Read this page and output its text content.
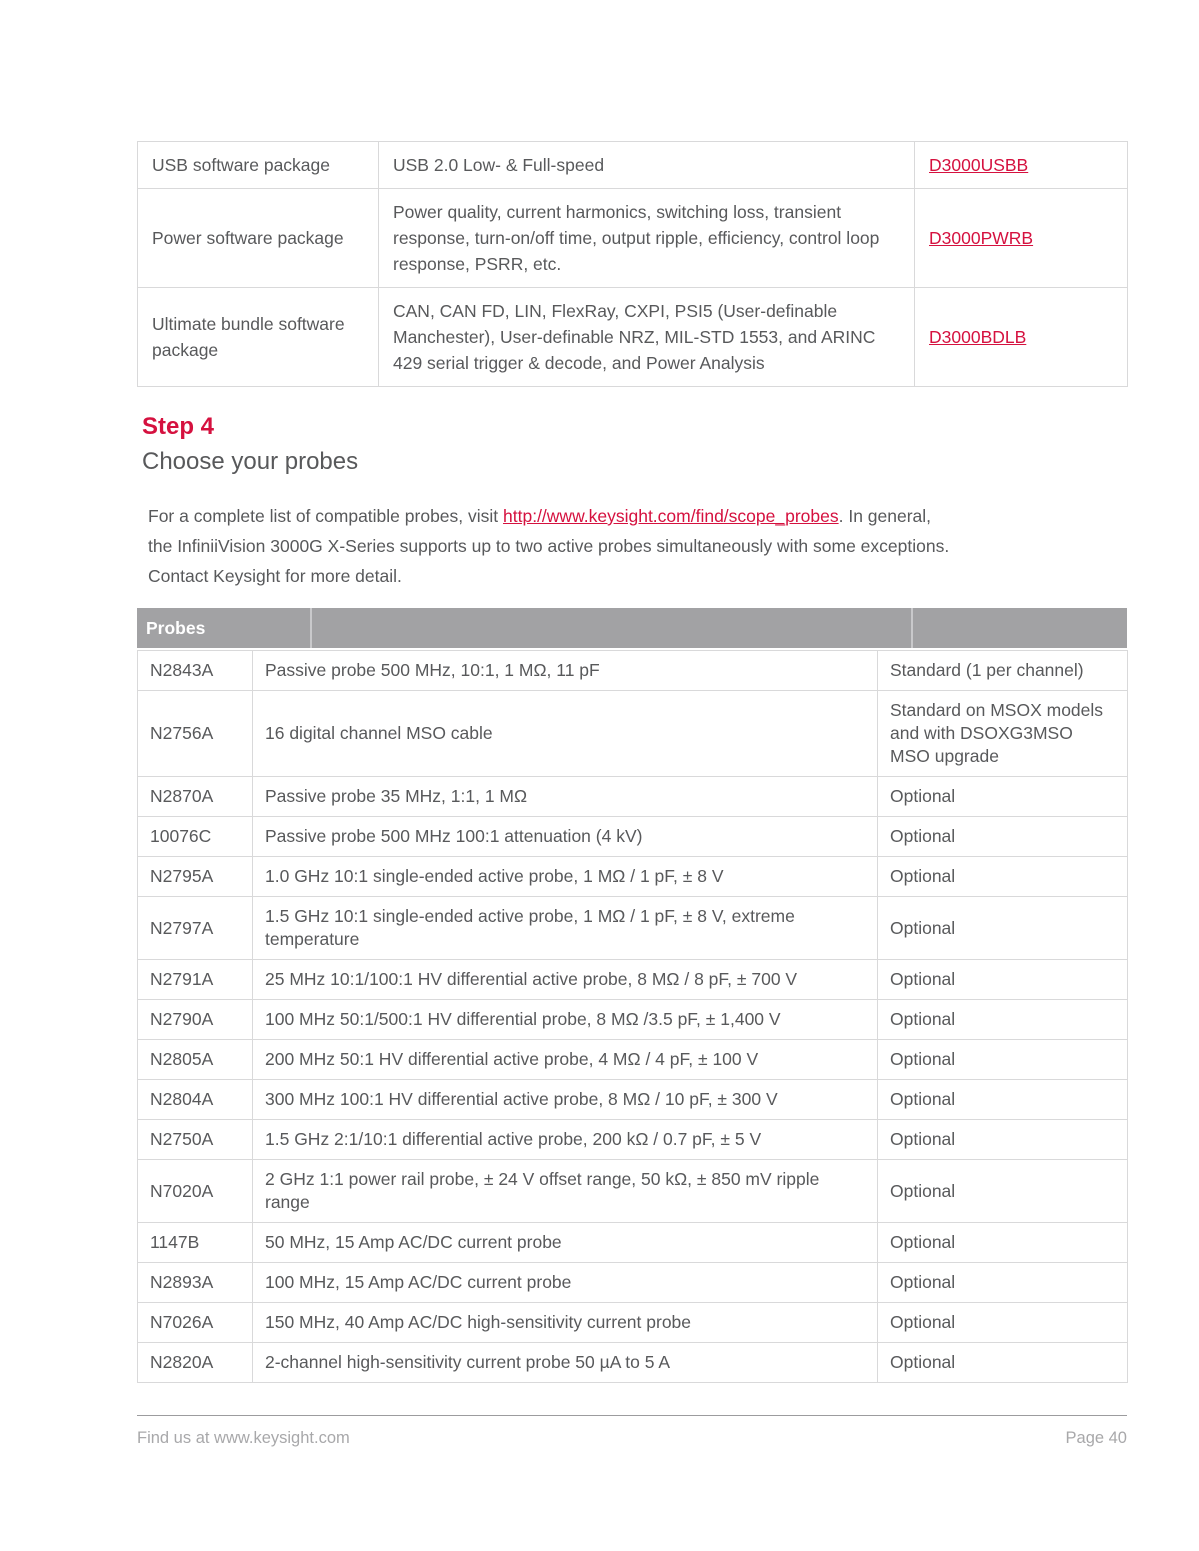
USB software package	USB 2.0 Low- & Full-speed	D3000USBB
Power software package	Power quality, current harmonics, switching loss, transient response, turn-on/off time, output ripple, efficiency, control loop response, PSRR, etc.	D3000PWRB
Ultimate bundle software package	CAN, CAN FD, LIN, FlexRay, CXPI, PSI5 (User-definable Manchester), User-definable NRZ, MIL-STD 1553, and ARINC 429 serial trigger & decode, and Power Analysis	D3000BDLB
Step 4
Choose your probes

For a complete list of compatible probes, visit http://www.keysight.com/find/scope_probes. In general,
the InfiniiVision 3000G X-Series supports up to two active probes simultaneously with some exceptions.
Contact Keysight for more detail.

Probes
N2843A	Passive probe 500 MHz, 10:1, 1 MΩ, 11 pF	Standard (1 per channel)
N2756A	16 digital channel MSO cable	Standard on MSOX models and with DSOXG3MSO MSO upgrade
N2870A	Passive probe 35 MHz, 1:1, 1 MΩ	Optional
10076C	Passive probe 500 MHz 100:1 attenuation (4 kV)	Optional
N2795A	1.0 GHz 10:1 single-ended active probe, 1 MΩ / 1 pF, ± 8 V	Optional
N2797A	1.5 GHz 10:1 single-ended active probe, 1 MΩ / 1 pF, ± 8 V, extreme temperature	Optional
N2791A	25 MHz 10:1/100:1 HV differential active probe, 8 MΩ / 8 pF, ± 700 V	Optional
N2790A	100 MHz 50:1/500:1 HV differential probe, 8 MΩ /3.5 pF, ± 1,400 V	Optional
N2805A	200 MHz 50:1 HV differential active probe, 4 MΩ / 4 pF, ± 100 V	Optional
N2804A	300 MHz 100:1 HV differential active probe, 8 MΩ / 10 pF, ± 300 V	Optional
N2750A	1.5 GHz 2:1/10:1 differential active probe, 200 kΩ / 0.7 pF, ± 5 V	Optional
N7020A	2 GHz 1:1 power rail probe, ± 24 V offset range, 50 kΩ, ± 850 mV ripple range	Optional
1147B	50 MHz, 15 Amp AC/DC current probe	Optional
N2893A	100 MHz, 15 Amp AC/DC current probe	Optional
N7026A	150 MHz, 40 Amp AC/DC high-sensitivity current probe	Optional
N2820A	2-channel high-sensitivity current probe 50 µA to 5 A	Optional
Find us at www.keysight.com	Page 40
